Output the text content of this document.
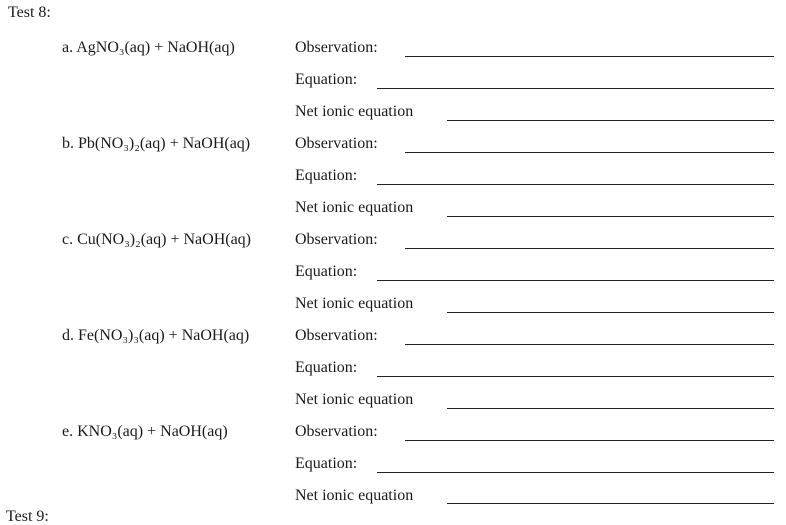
Test 8:
a. AgNO₃(aq) + NaOH(aq)	Observation:
Equation:
Net ionic equation
b. Pb(NO₃)₂(aq) + NaOH(aq)	Observation:
Equation:
Net ionic equation
c. Cu(NO₃)₂(aq) + NaOH(aq)	Observation:
Equation:
Net ionic equation
d. Fe(NO₃)₃(aq) + NaOH(aq)	Observation:
Equation:
Net ionic equation
e. KNO₃(aq) + NaOH(aq)	Observation:
Equation:
Net ionic equation
Test 9:
